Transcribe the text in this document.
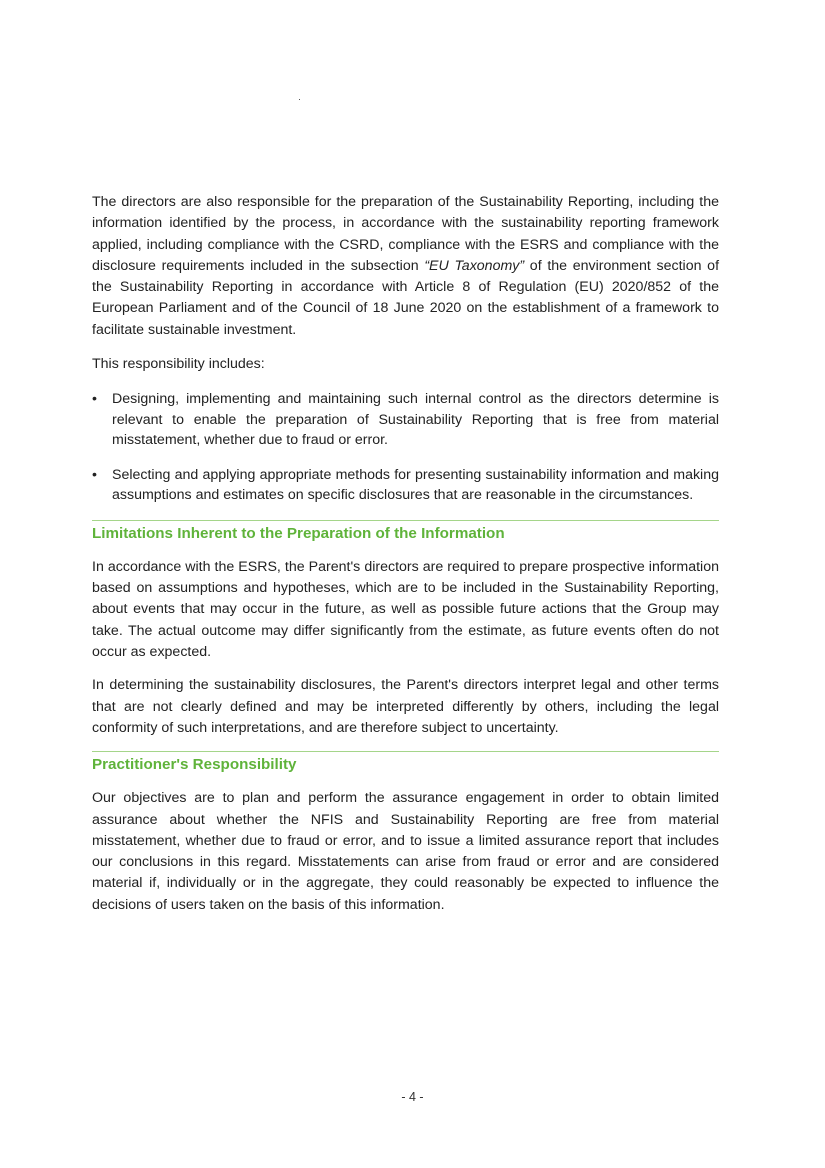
The directors are also responsible for the preparation of the Sustainability Reporting, including the information identified by the process, in accordance with the sustainability reporting framework applied, including compliance with the CSRD, compliance with the ESRS and compliance with the disclosure requirements included in the subsection “EU Taxonomy” of the environment section of the Sustainability Reporting in accordance with Article 8 of Regulation (EU) 2020/852 of the European Parliament and of the Council of 18 June 2020 on the establishment of a framework to facilitate sustainable investment.

This responsibility includes:

• Designing, implementing and maintaining such internal control as the directors determine is relevant to enable the preparation of Sustainability Reporting that is free from material misstatement, whether due to fraud or error.
• Selecting and applying appropriate methods for presenting sustainability information and making assumptions and estimates on specific disclosures that are reasonable in the circumstances.
Limitations Inherent to the Preparation of the Information

In accordance with the ESRS, the Parent's directors are required to prepare prospective information based on assumptions and hypotheses, which are to be included in the Sustainability Reporting, about events that may occur in the future, as well as possible future actions that the Group may take. The actual outcome may differ significantly from the estimate, as future events often do not occur as expected.

In determining the sustainability disclosures, the Parent's directors interpret legal and other terms that are not clearly defined and may be interpreted differently by others, including the legal conformity of such interpretations, and are therefore subject to uncertainty.

Practitioner's Responsibility

Our objectives are to plan and perform the assurance engagement in order to obtain limited assurance about whether the NFIS and Sustainability Reporting are free from material misstatement, whether due to fraud or error, and to issue a limited assurance report that includes our conclusions in this regard. Misstatements can arise from fraud or error and are considered material if, individually or in the aggregate, they could reasonably be expected to influence the decisions of users taken on the basis of this information.

- 4 -
